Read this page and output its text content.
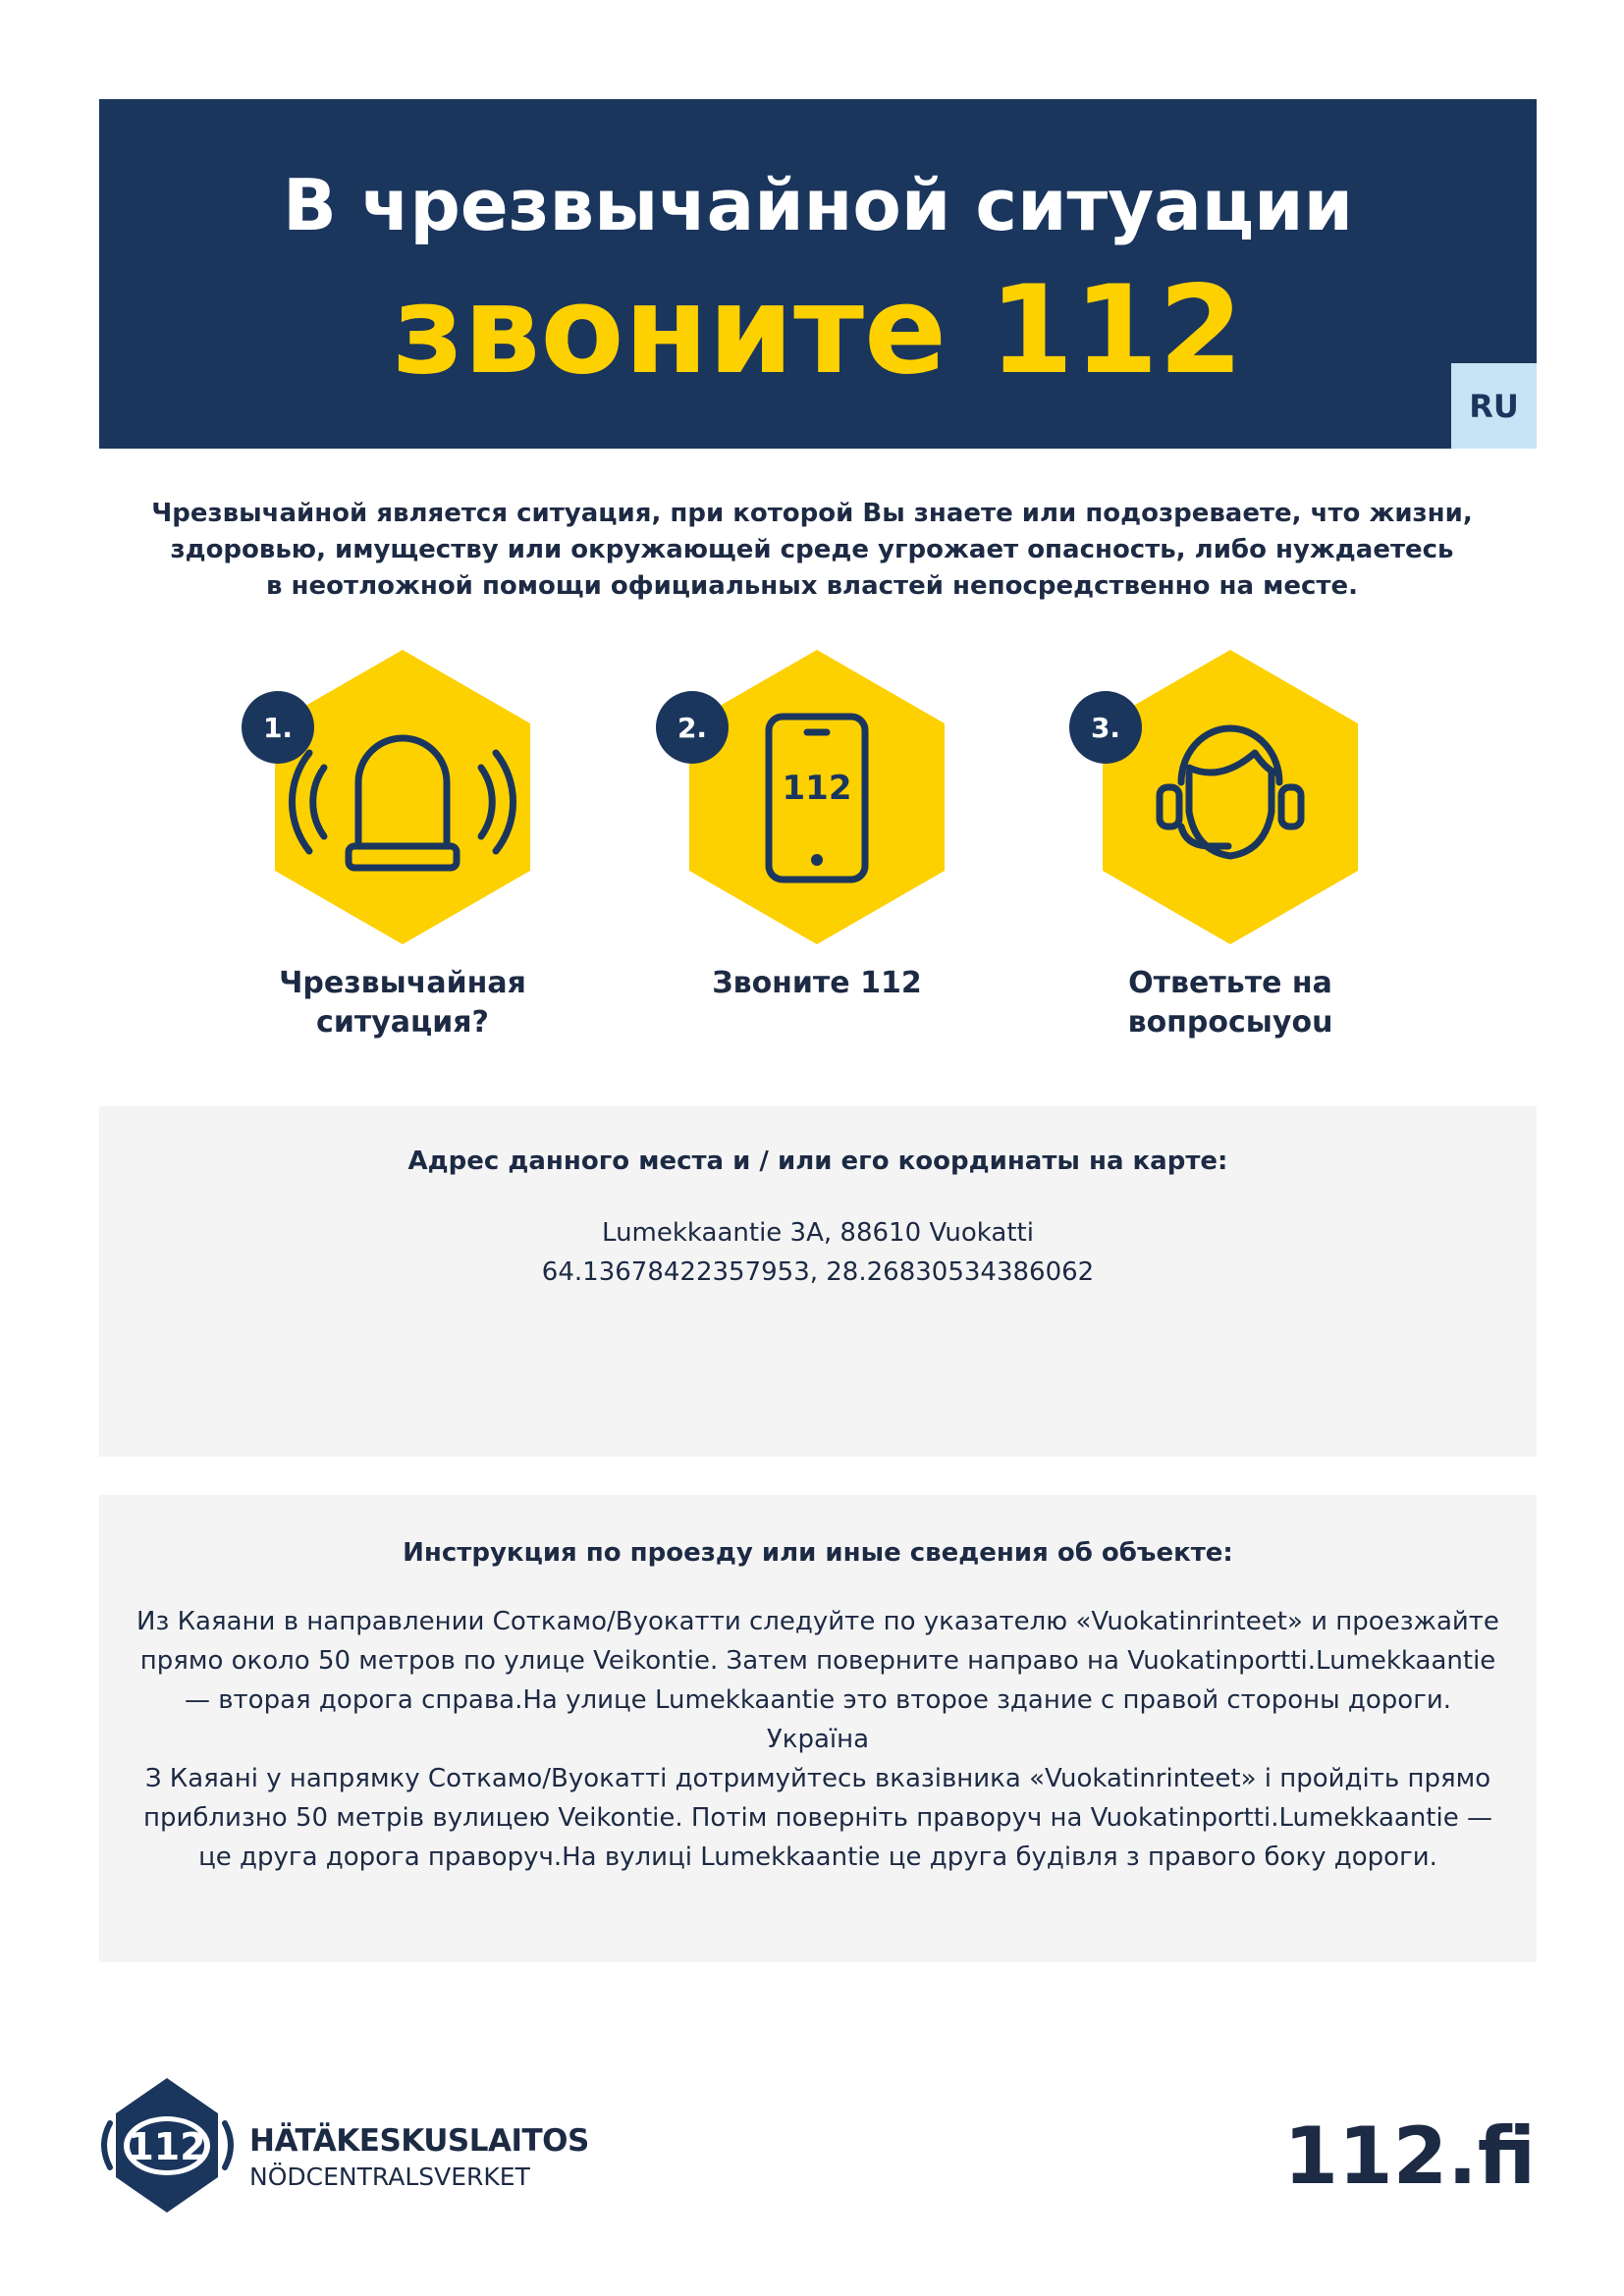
В чрезвычайной ситуации
звоните 112
RU
Чрезвычайной является ситуация, при которой Вы знаете или подозреваете, что жизни,
здоровью, имуществу или окружающей среде угрожает опасность, либо нуждаетесь
в неотложной помощи официальных властей непосредственно на месте.
1.
Чрезвычайная
ситуация?
112
2.
Звоните 112
3.
Ответьте на
вопросыyou
Адрес данного места и / или его координаты на карте:
Lumekkaantie 3A, 88610 Vuokatti
64.13678422357953, 28.26830534386062
Инструкция по проезду или иные сведения об объекте:
Из Каяани в направлении Соткамо/Вуокатти следуйте по указателю «Vuokatinrinteet» и проезжайте
прямо около 50 метров по улице Veikontie. Затем поверните направо на Vuokatinportti.Lumekkaantie
— вторая дорога справа.На улице Lumekkaantie это второе здание с правой стороны дороги.
Україна
З Каяані у напрямку Соткамо/Вуокатті дотримуйтесь вказівника «Vuokatinrinteet» і пройдіть прямо
приблизно 50 метрів вулицею Veikontie. Потім поверніть праворуч на Vuokatinportti.Lumekkaantie —
це друга дорога праворуч.На вулиці Lumekkaantie це друга будівля з правого боку дороги.
112 HÄTÄKESKUSLAITOS
NÖDCENTRALSVERKET	112.fi
